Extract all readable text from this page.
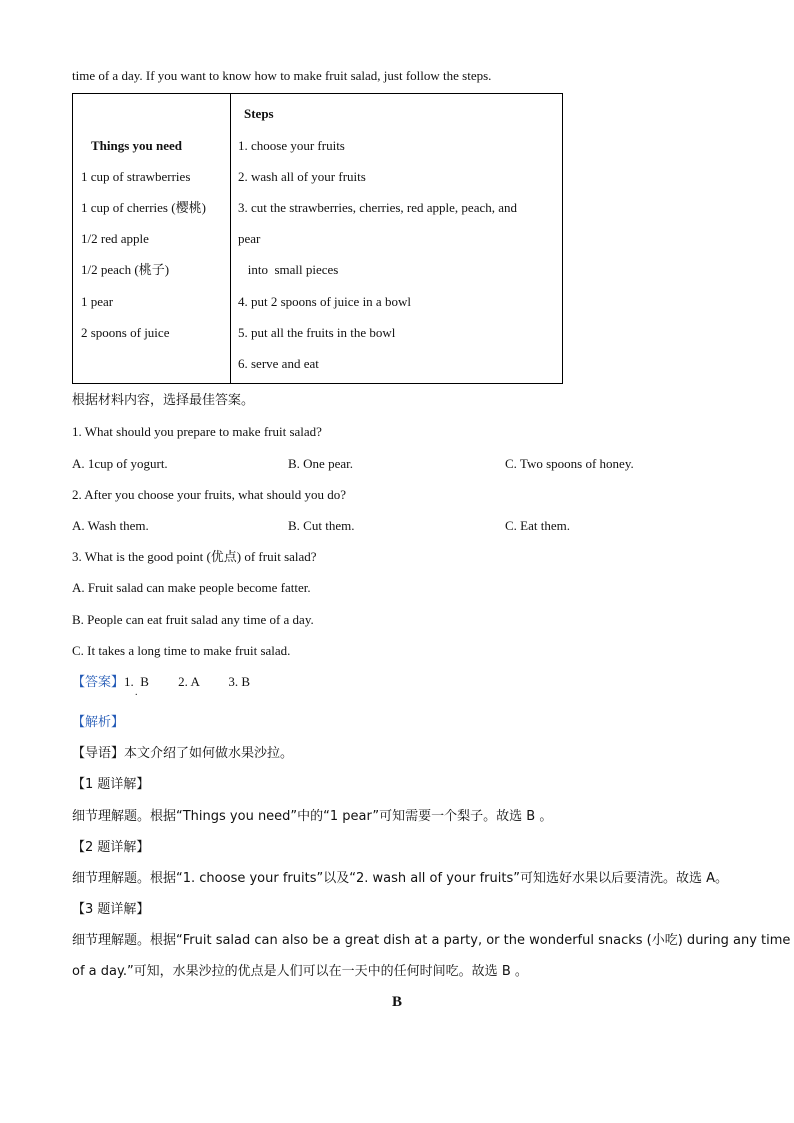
time of a day. If you want to know how to make fruit salad, just follow the steps.
Things you need
1 cup of strawberries
1 cup of cherries (樱桃)
1/2 red apple
1/2 peach (桃子)
1 pear
2 spoons of juice

Steps
1. choose your fruits
2. wash all of your fruits
3. cut the strawberries, cherries, red apple, peach, and
pear
into  small pieces
4. put 2 spoons of juice in a bowl
5. put all the fruits in the bowl
6. serve and eat
根据材料内容，选择最佳答案。
1. What should you prepare to make fruit salad?
A. 1cup of yogurt.	B. One pear.	C. Two spoons of honey.
2. After you choose your fruits, what should you do?
A. Wash them.	B. Cut them.	C. Eat them.
3. What is the good point (优点) of fruit salad?
A. Fruit salad can make people become fatter.
B. People can eat fruit salad any time of a day.
C. It takes a long time to make fruit salad.
【答案】1.  B         2. A         3. B
.
【解析】
【导语】本文介绍了如何做水果沙拉。
【1 题详解】
细节理解题。根据“Things you need”中的“1 pear”可知需要一个梨子。故选 B 。
【2 题详解】
细节理解题。根据“1. choose your fruits”以及“2. wash all of your fruits”可知选好水果以后要清洗。故选 A。
【3 题详解】
细节理解题。根据“Fruit salad can also be a great dish at a party, or the wonderful snacks (小吃) during any time
of a day.”可知，水果沙拉的优点是人们可以在一天中的任何时间吃。故选 B 。
B
